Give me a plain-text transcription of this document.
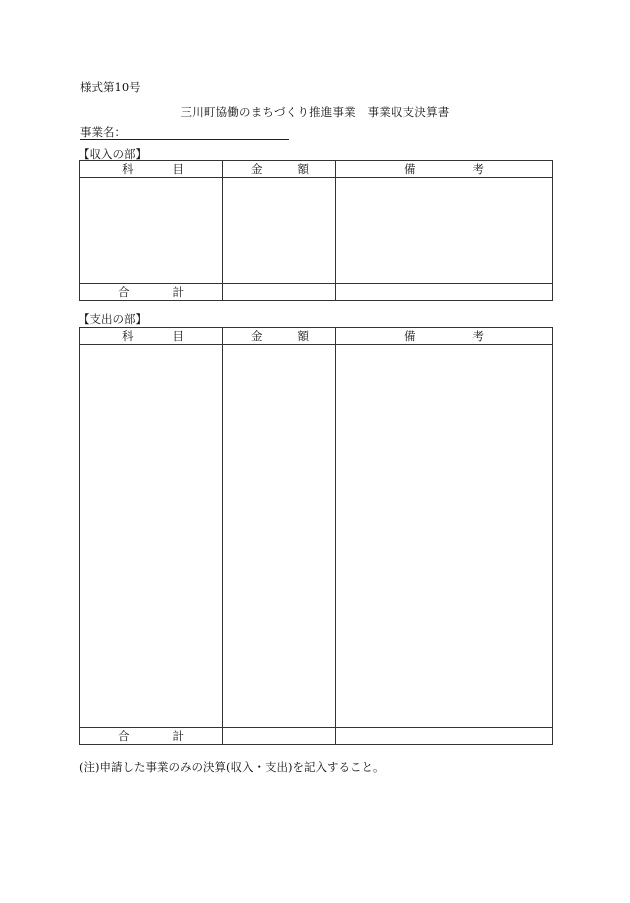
様式第10号
三川町協働のまちづくり推進事業　事業収支決算書
事業名：
【収入の部】
科 目	金 額	備 考

合 計		

【支出の部】
科 目	金 額	備 考

合 計		

(注)申請した事業のみの決算(収入・支出)を記入すること。
